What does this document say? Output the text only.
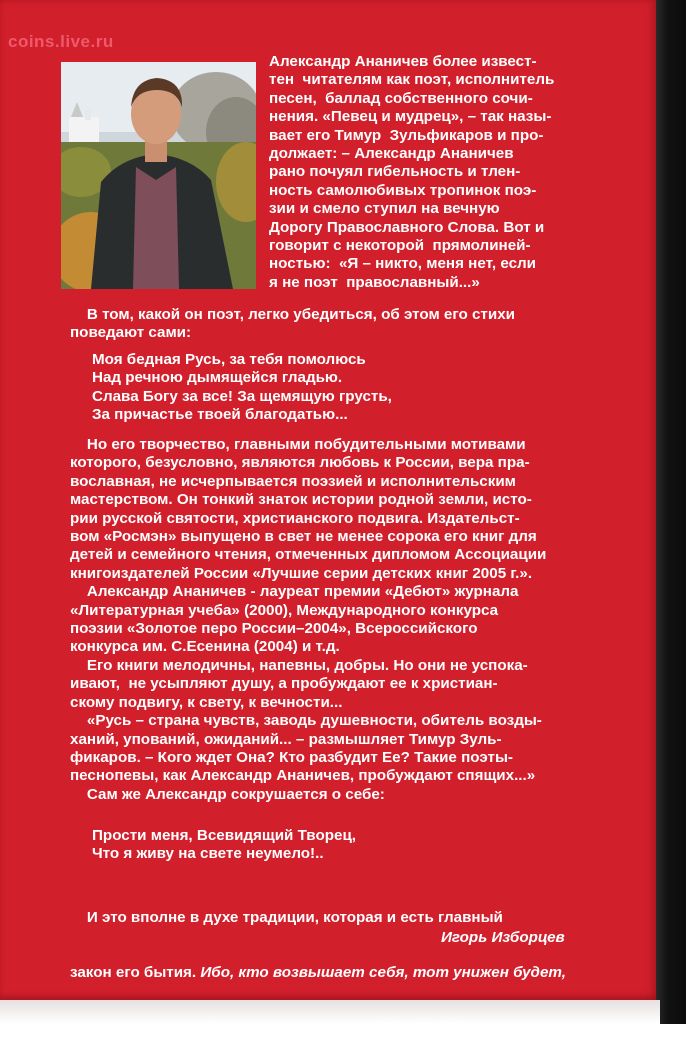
coins.live.ru
Александр Ананичев более извест-
тен  читателям как поэт, исполнитель
песен,  баллад собственного сочи-
нения. «Певец и мудрец», – так назы-
вает его Тимур  Зульфикаров и про-
должает: – Александр Ананичев
рано почуял гибельность и тлен-
ность самолюбивых тропинок поэ-
зии и смело ступил на вечную
Дорогу Православного Слова. Вот и
говорит с некоторой  прямолиней-
ностью:  «Я – никто, меня нет, если
я не поэт  православный...»
В том, какой он поэт, легко убедиться, об этом его стихи
поведают сами:
Моя бедная Русь, за тебя помолюсь
Над речною дымящейся гладью.
Слава Богу за все! За щемящую грусть,
За причастье твоей благодатью...
Но его творчество, главными побудительными мотивами
которого, безусловно, являются любовь к России, вера пра-
вославная, не исчерпывается поэзией и исполнительским
мастерством. Он тонкий знаток истории родной земли, исто-
рии русской святости, христианского подвига. Издательст-
вом «Росмэн» выпущено в свет не менее сорока его книг для
детей и семейного чтения, отмеченных дипломом Ассоциации
книгоиздателей России «Лучшие серии детских книг 2005 г.».
Александр Ананичев - лауреат премии «Дебют» журнала
«Литературная учеба» (2000), Международного конкурса
поэзии «Золотое перо России–2004», Всероссийского
конкурса им. С.Есенина (2004) и т.д.
Его книги мелодичны, напевны, добры. Но они не успока-
ивают,  не усыпляют душу, а пробуждают ее к христиан-
скому подвигу, к свету, к вечности...
«Русь – страна чувств, заводь душевности, обитель возды-
ханий, упований, ожиданий... – размышляет Тимур Зуль-
фикаров. – Кого ждет Она? Кто разбудит Ее? Такие поэты-
песнопевы, как Александр Ананичев, пробуждают спящих...»
Сам же Александр сокрушается о себе:
Прости меня, Всевидящий Творец,
Что я живу на свете неумело!..

И это вполне в духе традиции, которая и есть главный

закон его бытия. Ибо, кто возвышает себя, тот унижен будет,

а кто унижает себя, тот возвысится (Мф. 23: 12).

Игорь Изборцев
